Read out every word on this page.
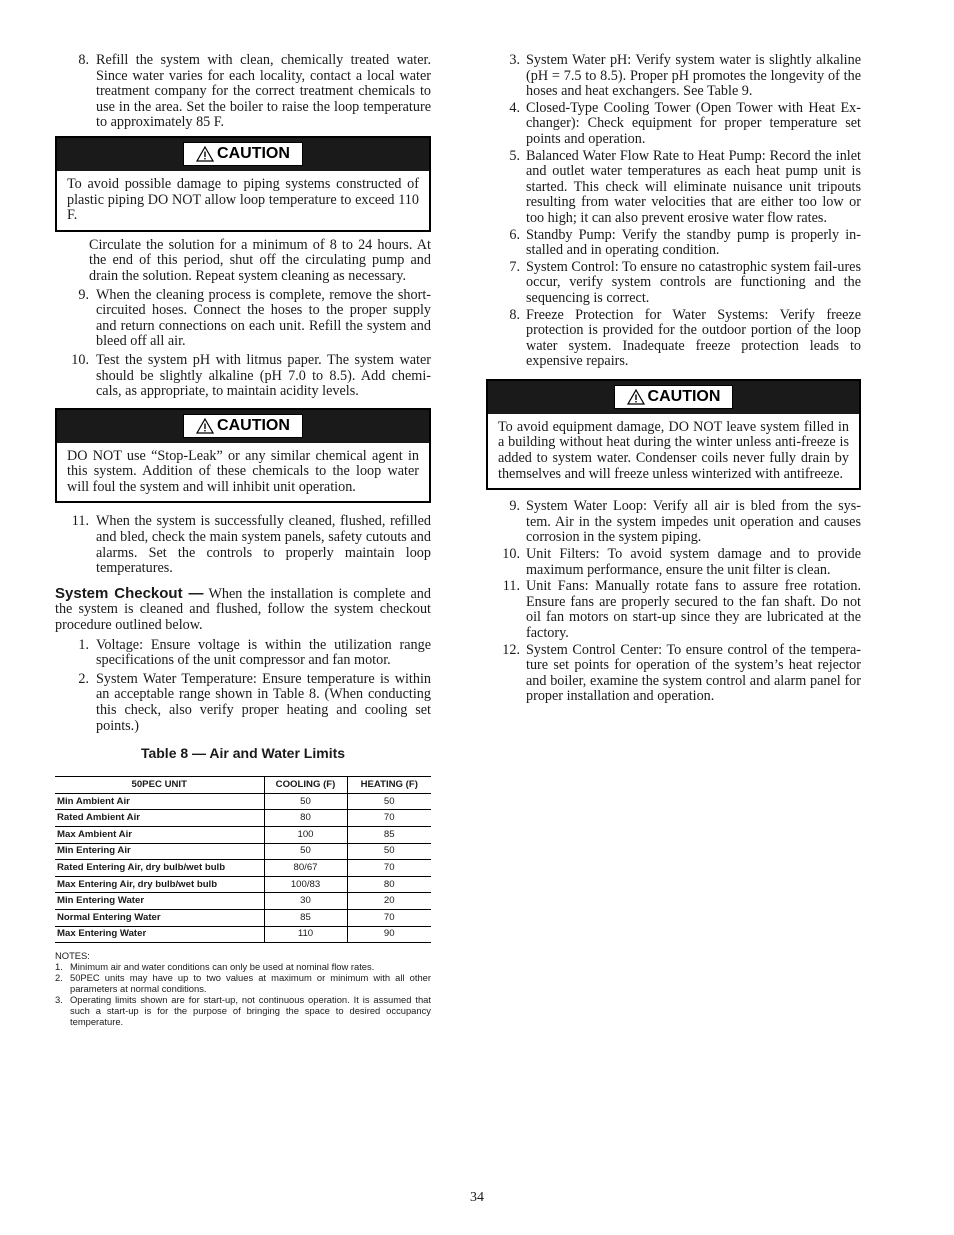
8. Refill the system with clean, chemically treated water. Since water varies for each locality, contact a local water treatment company for the correct treatment chemicals to use in the area. Set the boiler to raise the loop temperature to approximately 85 F.
CAUTION
To avoid possible damage to piping systems constructed of plastic piping DO NOT allow loop temperature to exceed 110 F.
Circulate the solution for a minimum of 8 to 24 hours. At the end of this period, shut off the circulating pump and drain the solution. Repeat system cleaning as necessary.
9. When the cleaning process is complete, remove the short-circuited hoses. Connect the hoses to the proper supply and return connections on each unit. Refill the system and bleed off all air.
10. Test the system pH with litmus paper. The system water should be slightly alkaline (pH 7.0 to 8.5). Add chemi-cals, as appropriate, to maintain acidity levels.
CAUTION
DO NOT use “Stop-Leak” or any similar chemical agent in this system. Addition of these chemicals to the loop water will foul the system and will inhibit unit operation.
11. When the system is successfully cleaned, flushed, refilled and bled, check the main system panels, safety cutouts and alarms. Set the controls to properly maintain loop temperatures.
System Checkout — When the installation is complete and the system is cleaned and flushed, follow the system checkout procedure outlined below.
1. Voltage: Ensure voltage is within the utilization range specifications of the unit compressor and fan motor.
2. System Water Temperature: Ensure temperature is within an acceptable range shown in Table 8. (When conducting this check, also verify proper heating and cooling set points.)
Table 8 — Air and Water Limits
50PEC UNIT	COOLING (F)	HEATING (F)
Min Ambient Air	50	50
Rated Ambient Air	80	70
Max Ambient Air	100	85
Min Entering Air	50	50
Rated Entering Air, dry bulb/wet bulb	80/67	70
Max Entering Air, dry bulb/wet bulb	100/83	80
Min Entering Water	30	20
Normal Entering Water	85	70
Max Entering Water	110	90
NOTES:
1. Minimum air and water conditions can only be used at nominal flow rates.
2. 50PEC units may have up to two values at maximum or minimum with all other parameters at normal conditions.
3. Operating limits shown are for start-up, not continuous operation. It is assumed that such a start-up is for the purpose of bringing the space to desired occupancy temperature.
3. System Water pH: Verify system water is slightly alkaline (pH = 7.5 to 8.5). Proper pH promotes the longevity of the hoses and heat exchangers. See Table 9.
4. Closed-Type Cooling Tower (Open Tower with Heat Ex-changer): Check equipment for proper temperature set points and operation.
5. Balanced Water Flow Rate to Heat Pump: Record the inlet and outlet water temperatures as each heat pump unit is started. This check will eliminate nuisance unit tripouts resulting from water velocities that are either too low or too high; it can also prevent erosive water flow rates.
6. Standby Pump: Verify the standby pump is properly in-stalled and in operating condition.
7. System Control: To ensure no catastrophic system fail-ures occur, verify system controls are functioning and the sequencing is correct.
8. Freeze Protection for Water Systems: Verify freeze protection is provided for the outdoor portion of the loop water system. Inadequate freeze protection leads to expensive repairs.
CAUTION
To avoid equipment damage, DO NOT leave system filled in a building without heat during the winter unless anti-freeze is added to system water. Condenser coils never fully drain by themselves and will freeze unless winterized with antifreeze.
9. System Water Loop: Verify all air is bled from the sys-tem. Air in the system impedes unit operation and causes corrosion in the system piping.
10. Unit Filters: To avoid system damage and to provide maximum performance, ensure the unit filter is clean.
11. Unit Fans: Manually rotate fans to assure free rotation. Ensure fans are properly secured to the fan shaft. Do not oil fan motors on start-up since they are lubricated at the factory.
12. System Control Center: To ensure control of the tempera-ture set points for operation of the system’s heat rejector and boiler, examine the system control and alarm panel for proper installation and operation.
34
